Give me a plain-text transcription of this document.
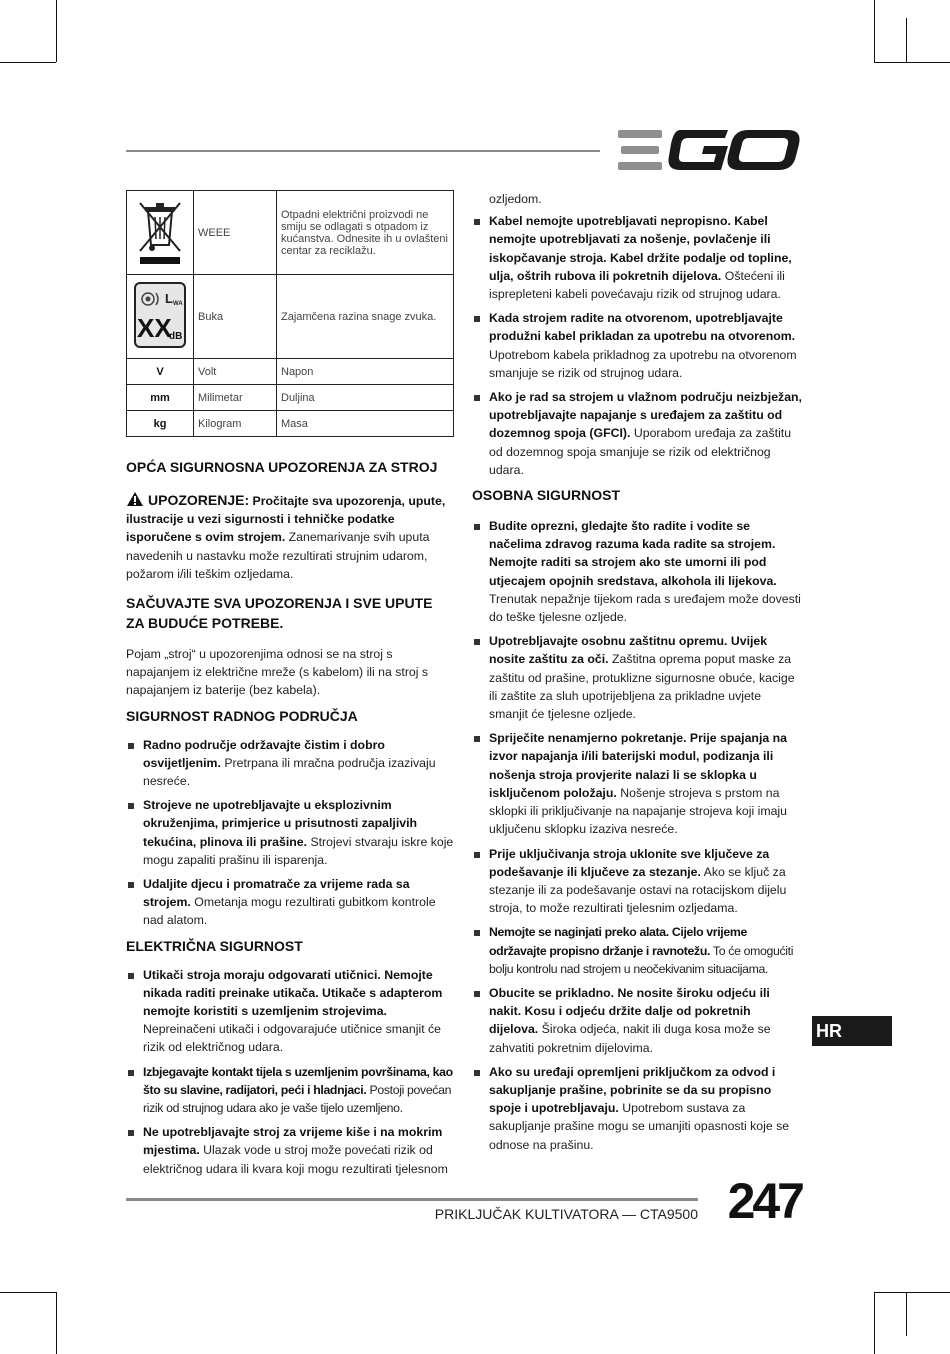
	WEEE	Otpadni električni proizvodi ne smiju se odlagati s otpadom iz kućanstva. Odnesite ih u ovlašteni centar za reciklažu.

L WA
XX
dB	Buka	Zajamčena razina snage zvuka.
V	Volt	Napon
mm	Milimetar	Duljina
kg	Kilogram	Masa

OPĆA SIGURNOSNA UPOZORENJA ZA STROJ

UPOZORENJE: Pročitajte sva upozorenja, upute, ilustracije u vezi sigurnosti i tehničke podatke isporučene s ovim strojem. Zanemarivanje svih uputa navedenih u nastavku može rezultirati strujnim udarom, požarom i/ili teškim ozljedama.

SAČUVAJTE SVA UPOZORENJA I SVE UPUTE ZA BUDUĆE POTREBE.

Pojam „stroj“ u upozorenjima odnosi se na stroj s napajanjem iz električne mreže (s kabelom) ili na stroj s napajanjem iz baterije (bez kabela).

SIGURNOST RADNOG PODRUČJA

Radno područje održavajte čistim i dobro osvijetljenim. Pretrpana ili mračna područja izazivaju nesreće.
Strojeve ne upotrebljavajte u eksplozivnim okruženjima, primjerice u prisutnosti zapaljivih tekućina, plinova ili prašine. Strojevi stvaraju iskre koje mogu zapaliti prašinu ili isparenja.
Udaljite djecu i promatrače za vrijeme rada sa strojem. Ometanja mogu rezultirati gubitkom kontrole nad alatom.

ELEKTRIČNA SIGURNOST

Utikači stroja moraju odgovarati utičnici. Nemojte nikada raditi preinake utikača. Utikače s adapterom nemojte koristiti s uzemljenim strojevima. Nepreinačeni utikači i odgovarajuće utičnice smanjit će rizik od električnog udara.
Izbjegavajte kontakt tijela s uzemljenim površinama, kao što su slavine, radijatori, peći i hladnjaci. Postoji povećan rizik od strujnog udara ako je vaše tijelo uzemljeno.
Ne upotrebljavajte stroj za vrijeme kiše i na mokrim mjestima. Ulazak vode u stroj može povećati rizik od električnog udara ili kvara koji mogu rezultirati tjelesnom

ozljedom.

Kabel nemojte upotrebljavati nepropisno. Kabel nemojte upotrebljavati za nošenje, povlačenje ili iskopčavanje stroja. Kabel držite podalje od topline, ulja, oštrih rubova ili pokretnih dijelova. Oštećeni ili isprepleteni kabeli povećavaju rizik od strujnog udara.
Kada strojem radite na otvorenom, upotrebljavajte produžni kabel prikladan za upotrebu na otvorenom. Upotrebom kabela prikladnog za upotrebu na otvorenom smanjuje se rizik od strujnog udara.
Ako je rad sa strojem u vlažnom području neizbježan, upotrebljavajte napajanje s uređajem za zaštitu od dozemnog spoja (GFCI). Uporabom uređaja za zaštitu od dozemnog spoja smanjuje se rizik od električnog udara.

OSOBNA SIGURNOST

Budite oprezni, gledajte što radite i vodite se načelima zdravog razuma kada radite sa strojem. Nemojte raditi sa strojem ako ste umorni ili pod utjecajem opojnih sredstava, alkohola ili lijekova. Trenutak nepažnje tijekom rada s uređajem može dovesti do teške tjelesne ozljede.
Upotrebljavajte osobnu zaštitnu opremu. Uvijek nosite zaštitu za oči. Zaštitna oprema poput maske za zaštitu od prašine, protuklizne sigurnosne obuće, kacige ili zaštite za sluh upotrijebljena za prikladne uvjete smanjit će tjelesne ozljede.
Spriječite nenamjerno pokretanje. Prije spajanja na izvor napajanja i/ili baterijski modul, podizanja ili nošenja stroja provjerite nalazi li se sklopka u isključenom položaju. Nošenje strojeva s prstom na sklopki ili priključivanje na napajanje strojeva koji imaju uključenu sklopku izaziva nesreće.
Prije uključivanja stroja uklonite sve ključeve za podešavanje ili ključeve za stezanje. Ako se ključ za stezanje ili za podešavanje ostavi na rotacijskom dijelu stroja, to može rezultirati tjelesnim ozljedama.
Nemojte se naginjati preko alata. Cijelo vrijeme održavajte propisno držanje i ravnotežu. To će omogućiti bolju kontrolu nad strojem u neočekivanim situacijama.
Obucite se prikladno. Ne nosite široku odjeću ili nakit. Kosu i odjeću držite dalje od pokretnih dijelova. Široka odjeća, nakit ili duga kosa može se zahvatiti pokretnim dijelovima.
Ako su uređaji opremljeni priključkom za odvod i sakupljanje prašine, pobrinite se da su propisno spoje i upotrebljavaju. Upotrebom sustava za sakupljanje prašine mogu se umanjiti opasnosti koje se odnose na prašinu.
HR
PRIKLJUČAK KULTIVATORA — CTA9500 247
